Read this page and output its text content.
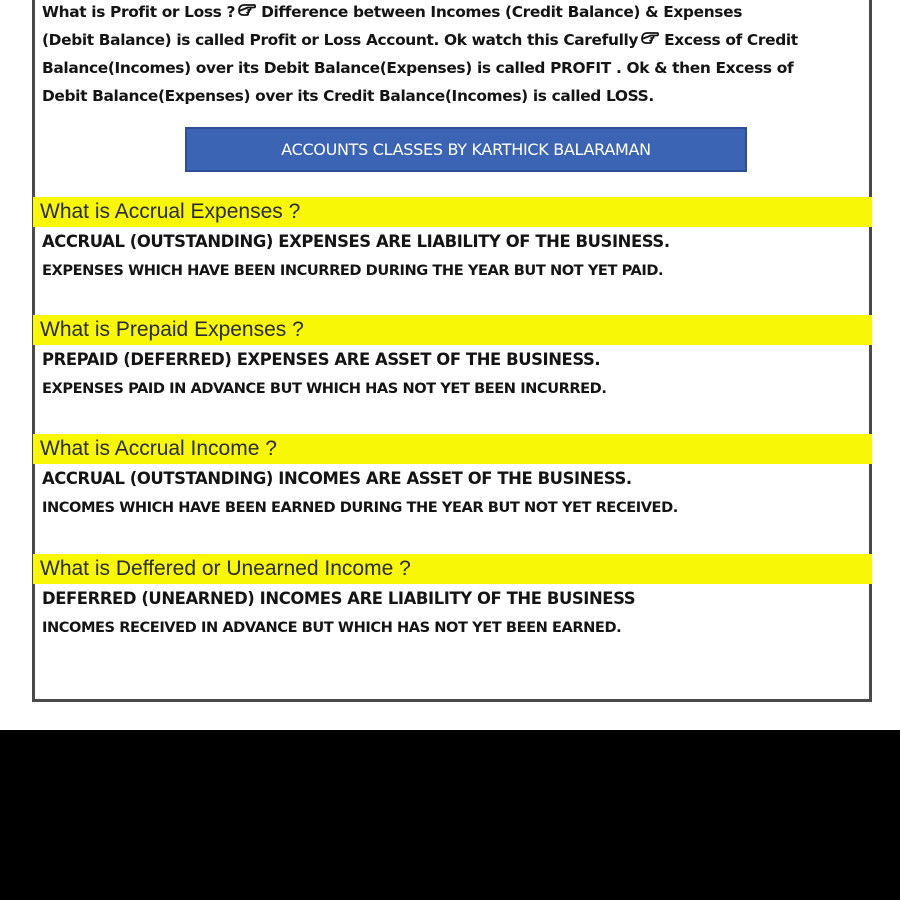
What is Profit or Loss ? Difference between Incomes (Credit Balance) & Expenses
(Debit Balance) is called Profit or Loss Account. Ok watch this Carefully Excess of Credit
Balance(Incomes) over its Debit Balance(Expenses) is called PROFIT . Ok & then Excess of
Debit Balance(Expenses) over its Credit Balance(Incomes) is called LOSS.
ACCOUNTS CLASSES BY KARTHICK BALARAMAN
What is Accrual Expenses ?
ACCRUAL (OUTSTANDING) EXPENSES ARE LIABILITY OF THE BUSINESS.
EXPENSES WHICH HAVE BEEN INCURRED DURING THE YEAR BUT NOT YET PAID.
What is Prepaid Expenses ?
PREPAID (DEFERRED) EXPENSES ARE ASSET OF THE BUSINESS.
EXPENSES PAID IN ADVANCE BUT WHICH HAS NOT YET BEEN INCURRED.
What is Accrual Income ?
ACCRUAL (OUTSTANDING) INCOMES ARE ASSET OF THE BUSINESS.
INCOMES WHICH HAVE BEEN EARNED DURING THE YEAR BUT NOT YET RECEIVED.
What is Deffered or Unearned Income ?
DEFERRED (UNEARNED) INCOMES ARE LIABILITY OF THE BUSINESS
INCOMES RECEIVED IN ADVANCE BUT WHICH HAS NOT YET BEEN EARNED.
